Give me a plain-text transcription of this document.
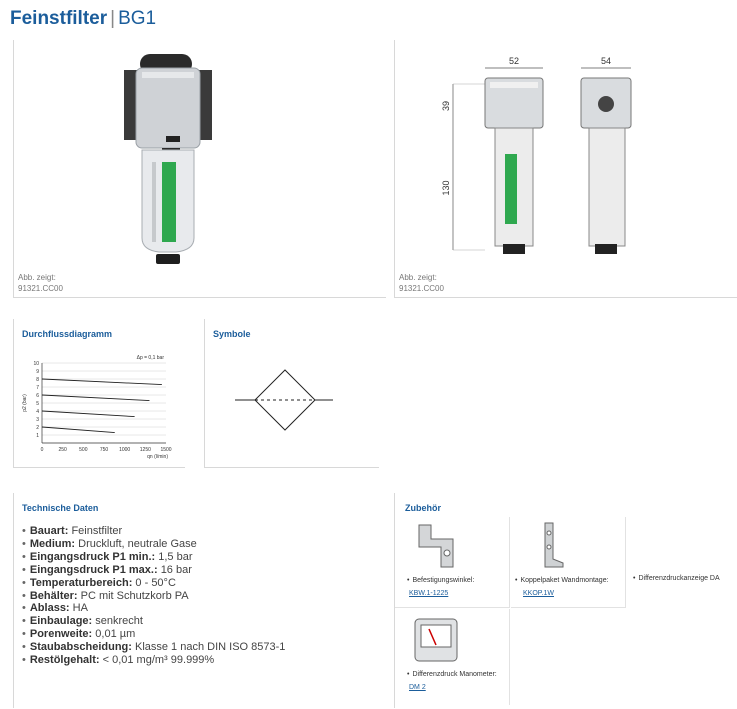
Feinstfilter | BG1
Abb. zeigt:
91321.CC00
52	54
39
130
Abb. zeigt:
91321.CC00
Durchflussdiagramm
1
2
3
4
5
6
7
8
9
10
0	250 500 750 1000 1250 1500
p2 (bar)
qn (l/min)
Δp = 0,1 bar
Symbole
Technische Daten
• Bauart: Feinstfilter
• Medium: Druckluft, neutrale Gase
• Eingangsdruck P1 min.: 1,5 bar
• Eingangsdruck P1 max.: 16 bar
• Temperaturbereich: 0 - 50°C
• Behälter: PC mit Schutzkorb PA
• Ablass: HA
• Einbaulage: senkrecht
• Porenweite: 0,01 µm
• Staubabscheidung: Klasse 1 nach DIN ISO 8573-1
• Restölgehalt: < 0,01 mg/m³ 99.999%
Zubehör
• Befestigungswinkel:
KBW.1-1225
• Koppelpaket Wandmontage:
KKOP.1W
• Differenzdruckanzeige DA
• Differenzdruck Manometer:
DM 2
